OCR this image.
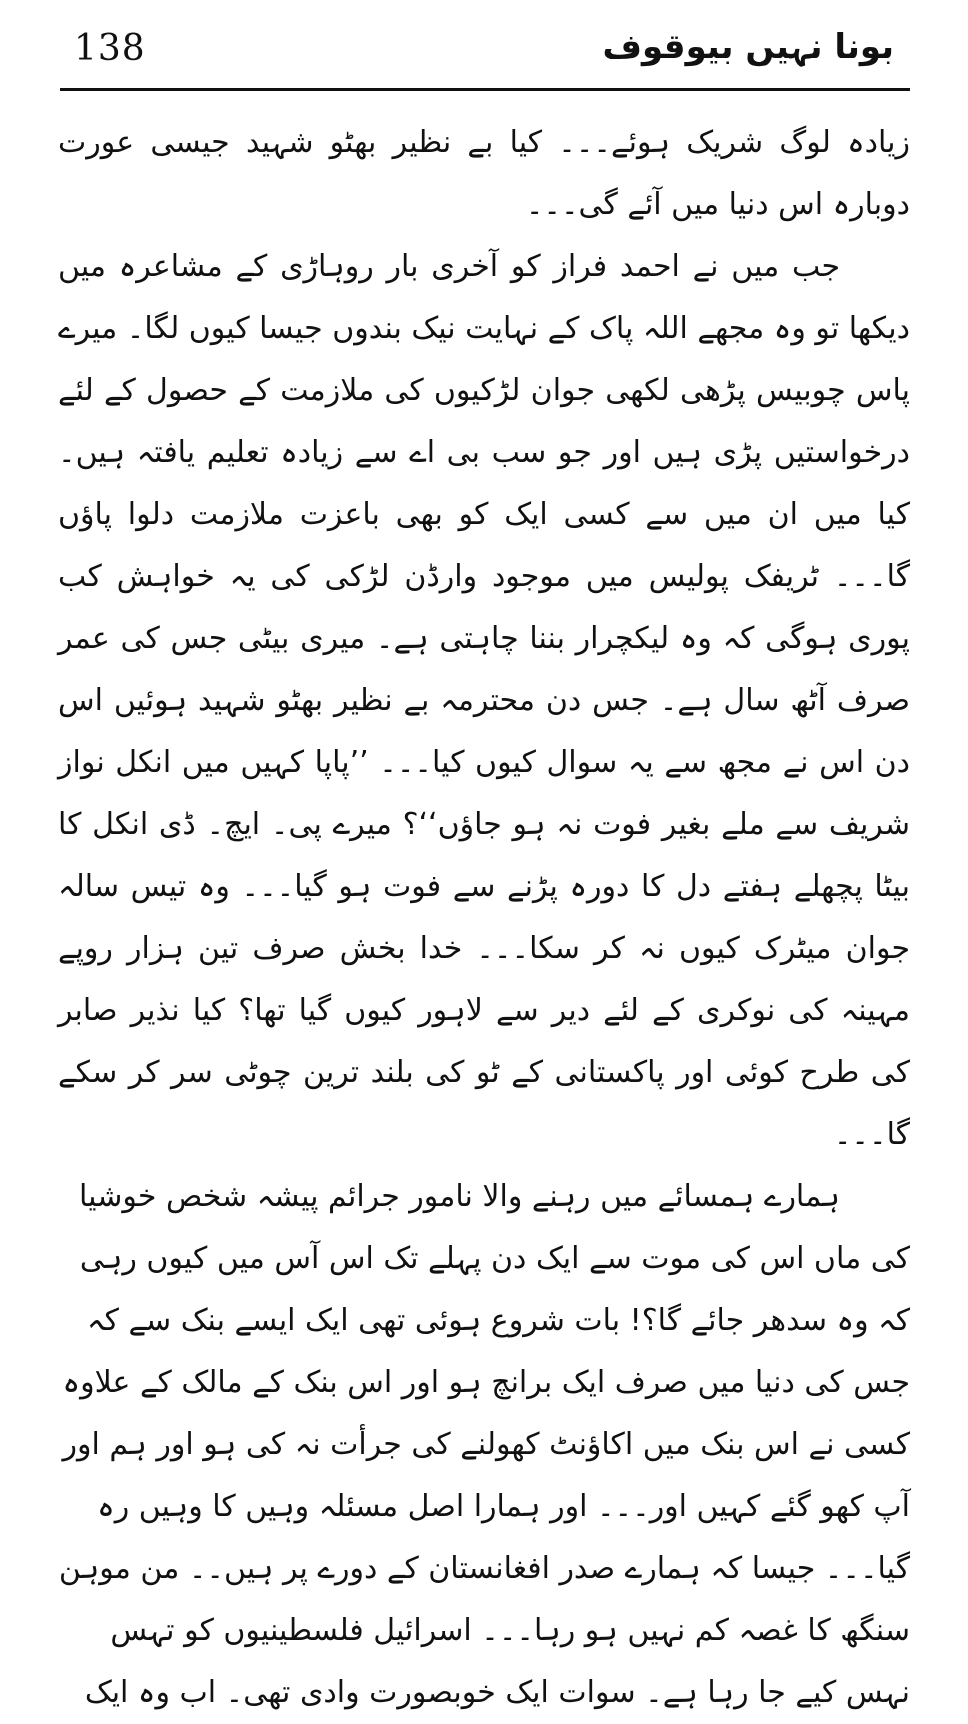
138	بونا نہیں بیوقوف

زیادہ لوگ شریک ہوئے۔۔۔ کیا بے نظیر بھٹو شہید جیسی عورت دوبارہ اس دنیا میں آئے گی۔۔۔

جب میں نے احمد فراز کو آخری بار روہاڑی کے مشاعرہ میں دیکھا تو وہ مجھے اللہ پاک کے نہایت نیک بندوں جیسا کیوں لگا۔ میرے پاس چوبیس پڑھی لکھی جوان لڑکیوں کی ملازمت کے حصول کے لئے درخواستیں پڑی ہیں اور جو سب بی اے سے زیادہ تعلیم یافتہ ہیں۔ کیا میں ان میں سے کسی ایک کو بھی باعزت ملازمت دلوا پاؤں گا۔۔۔ ٹریفک پولیس میں موجود وارڈن لڑکی کی یہ خواہش کب پوری ہوگی کہ وہ لیکچرار بننا چاہتی ہے۔ میری بیٹی جس کی عمر صرف آٹھ سال ہے۔ جس دن محترمہ بے نظیر بھٹو شہید ہوئیں اس دن اس نے مجھ سے یہ سوال کیوں کیا۔۔۔ ’’پاپا کہیں میں انکل نواز شریف سے ملے بغیر فوت نہ ہو جاؤں‘‘؟ میرے پی۔ ایچ۔ ڈی انکل کا بیٹا پچھلے ہفتے دل کا دورہ پڑنے سے فوت ہو گیا۔۔۔ وہ تیس سالہ جوان میٹرک کیوں نہ کر سکا۔۔۔ خدا بخش صرف تین ہزار روپے مہینہ کی نوکری کے لئے دیر سے لاہور کیوں گیا تھا؟ کیا نذیر صابر کی طرح کوئی اور پاکستانی کے ٹو کی بلند ترین چوٹی سر کر سکے گا۔۔۔

ہمارے ہمسائے میں رہنے والا نامور جرائم پیشہ شخص خوشیا کی ماں اس کی موت سے ایک دن پہلے تک اس آس میں کیوں رہی کہ وہ سدھر جائے گا؟! بات شروع ہوئی تھی ایک ایسے بنک سے کہ جس کی دنیا میں صرف ایک برانچ ہو اور اس بنک کے مالک کے علاوہ کسی نے اس بنک میں اکاؤنٹ کھولنے کی جرأت نہ کی ہو اور ہم اور آپ کھو گئے کہیں اور۔۔۔ اور ہمارا اصل مسئلہ وہیں کا وہیں رہ گیا۔۔۔ جیسا کہ ہمارے صدر افغانستان کے دورے پر ہیں۔۔ من موہن سنگھ کا غصہ کم نہیں ہو رہا۔۔۔ اسرائیل فلسطینیوں کو تہس نہس کیے جا رہا ہے۔ سوات ایک خوبصورت وادی تھی۔ اب وہ ایک
